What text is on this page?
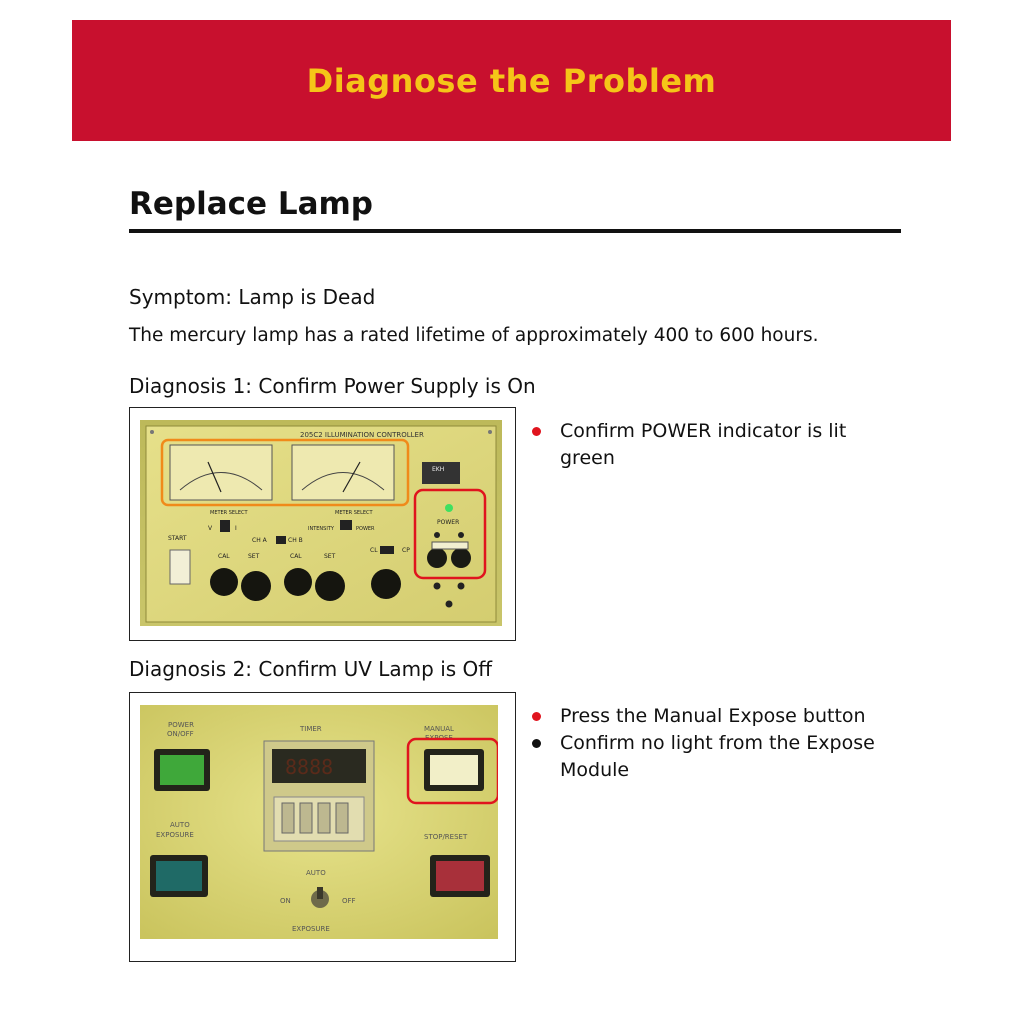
Diagnose the Problem
Replace Lamp

Symptom: Lamp is Dead

The mercury lamp has a rated lifetime of approximately 400 to 600 hours.

Diagnosis 1: Confirm Power Supply is On

205C2 ILLUMINATION CONTROLLER
EKH
POWER
METER SELECT
V	I
METER SELECT
INTENSITY	POWER
START	CH A	CH B
CAL	SET	CAL	SET
CL	CP
Confirm POWER indicator is lit green

Diagnosis 2: Confirm UV Lamp is Off

POWER
ON/OFF
TIMER
8888
MANUAL
EXPOSE
AUTO
EXPOSURE	STOP/RESET
AUTO
ON	OFF
EXPOSURE
Press the Manual Expose button
Confirm no light from the Expose Module
